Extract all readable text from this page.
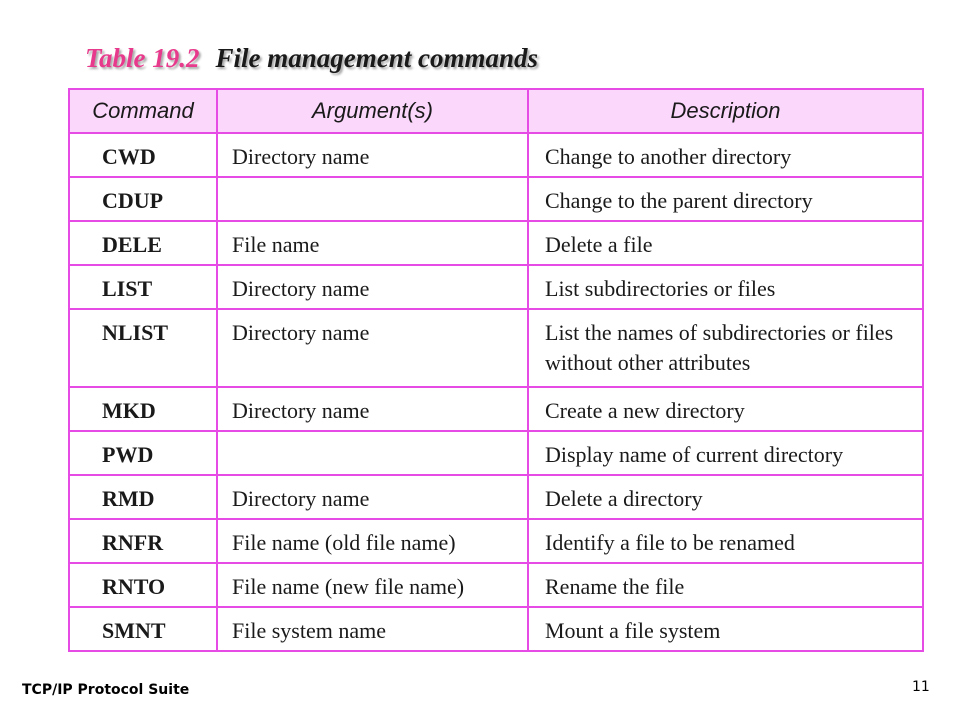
Table 19.2 File management commands
Command	Argument(s)	Description
CWD	Directory name	Change to another directory
CDUP		Change to the parent directory
DELE	File name	Delete a file
LIST	Directory name	List subdirectories or files
NLIST	Directory name	List the names of subdirectories or files without other attributes
MKD	Directory name	Create a new directory
PWD		Display name of current directory
RMD	Directory name	Delete a directory
RNFR	File name (old file name)	Identify a file to be renamed
RNTO	File name (new file name)	Rename the file
SMNT	File system name	Mount a file system
TCP/IP Protocol Suite	11
